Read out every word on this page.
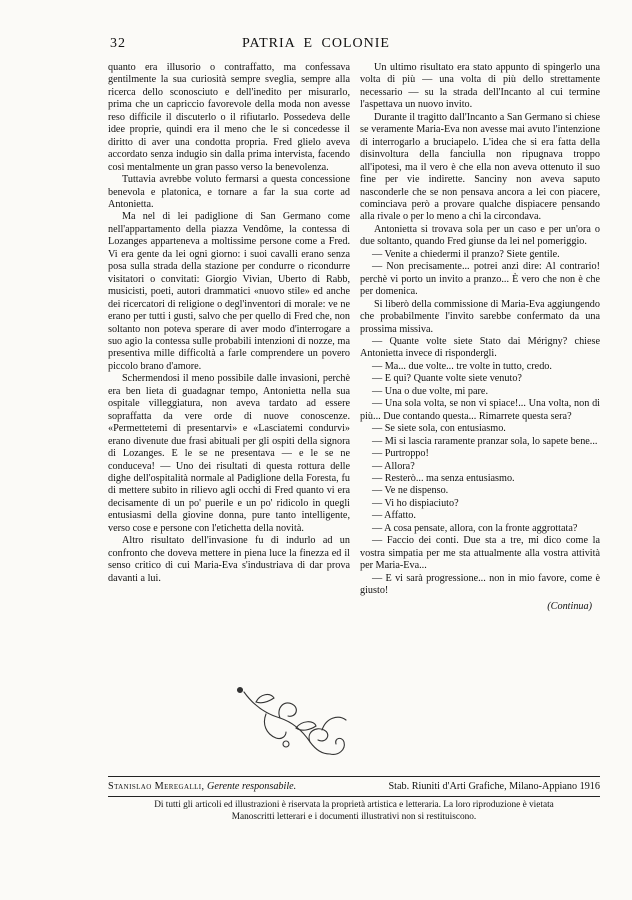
32	PATRIA E COLONIE

quanto era illusorio o contraffatto, ma confessava gentilmente la sua curiosità sempre sveglia, sempre alla ricerca dello sconosciuto e dell'inedito per misurarlo, prima che un capriccio favorevole della moda non avesse reso difficile il discuterlo o il rifiutarlo. Possedeva delle idee proprie, quindi era il meno che le si concedesse il diritto di aver una condotta propria. Fred glielo aveva accordato senza indugio sin dalla prima intervista, facendo così mentalmente un gran passo verso la benevolenza.

Tuttavia avrebbe voluto fermarsi a questa concessione benevola e platonica, e tornare a far la sua corte ad Antonietta.

Ma nel di lei padiglione di San Germano come nell'appartamento della piazza Vendôme, la contessa di Lozanges apparteneva a moltissime persone come a Fred. Vi era gente da lei ogni giorno: i suoi cavalli erano senza posa sulla strada della stazione per condurre o ricondurre visitatori o convitati: Giorgio Vivian, Uberto di Rabb, musicisti, poeti, autori drammatici «nuovo stile» ed anche dei ricercatori di religione o degl'inventori di morale: ve ne erano per tutti i gusti, salvo che per quello di Fred che, non soltanto non poteva sperare di aver modo d'interrogare a suo agio la contessa sulle probabili intenzioni di nozze, ma presentiva mille difficoltà a farle comprendere un povero piccolo brano d'amore.

Schermendosi il meno possibile dalle invasioni, perchè era ben lieta di guadagnar tempo, Antonietta nella sua ospitale villeggiatura, non aveva tardato ad essere sopraffatta da vere orde di nuove conoscenze. «Permettetemi di presentarvi» e «Lasciatemi condurvi» erano divenute due frasi abituali per gli ospiti della signora di Lozanges. E le se ne presentava — e le se ne conduceva! — Uno dei risultati di questa rottura delle dighe dell'ospitalità normale al Padiglione della Foresta, fu di mettere subito in rilievo agli occhi di Fred quanto vi era decisamente di un po' puerile e un po' ridicolo in quegli entusiasmi della giovine donna, pure tanto intelligente, verso cose e persone con l'etichetta della novità.

Altro risultato dell'invasione fu di indurlo ad un confronto che doveva mettere in piena luce la finezza ed il senso critico di cui Maria-Eva s'industriava di dar prova davanti a lui.

Un ultimo risultato era stato appunto di spingerlo una volta di più — una volta di più dello strettamente necessario — su la strada dell'Incanto al cui termine l'aspettava un nuovo invito.

Durante il tragitto dall'Incanto a San Germano si chiese se veramente Maria-Eva non avesse mai avuto l'intenzione di interrogarlo a bruciapelo. L'idea che si era fatta della disinvoltura della fanciulla non ripugnava troppo all'ipotesi, ma il vero è che ella non aveva ottenuto il suo fine per vie indirette. Sanciny non aveva saputo nasconderle che se non pensava ancora a lei con piacere, cominciava però a provare qualche dispiacere pensando alla rivale o per lo meno a chi la circondava.

Antonietta si trovava sola per un caso e per un'ora o due soltanto, quando Fred giunse da lei nel pomeriggio.

— Venite a chiedermi il pranzo? Siete gentile.

— Non precisamente... potrei anzi dire: Al contrario! perchè vi porto un invito a pranzo... È vero che non è che per domenica.

Si liberò della commissione di Maria-Eva aggiungendo che probabilmente l'invito sarebbe confermato da una prossima missiva.

— Quante volte siete Stato dai Mérigny? chiese Antonietta invece di rispondergli.

— Ma... due volte... tre volte in tutto, credo.

— E qui? Quante volte siete venuto?

— Una o due volte, mi pare.

— Una sola volta, se non vi spiace!... Una volta, non di più... Due contando questa... Rimarrete questa sera?

— Se siete sola, con entusiasmo.

— Mi si lascia raramente pranzar sola, lo sapete bene...

— Purtroppo!

— Allora?

— Resterò... ma senza entusiasmo.

— Ve ne dispenso.

— Vi ho dispiaciuto?

— Affatto.

— A cosa pensate, allora, con la fronte aggrottata?

— Faccio dei conti. Due sta a tre, mi dico come la vostra simpatia per me sta attualmente alla vostra attività per Maria-Eva...

— E vi sarà progressione... non in mio favore, come è giusto!

(Continua)

Stanislao Meregalli, Gerente responsabile.	Stab. Riuniti d'Arti Grafiche, Milano-Appiano 1916
Di tutti gli articoli ed illustrazioni è riservata la proprietà artistica e letteraria. La loro riproduzione è vietata
Manoscritti letterari e i documenti illustrativi non si restituiscono.
